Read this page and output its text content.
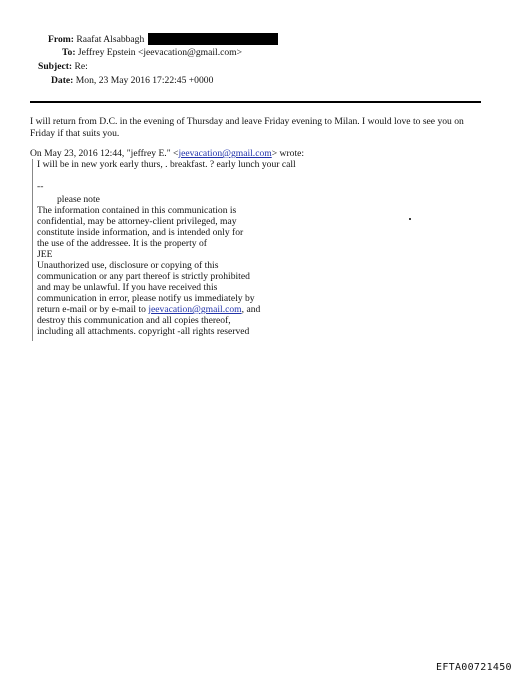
From: Raafat Alsabbagh
To: Jeffrey Epstein <jeevacation@gmail.com>
Subject: Re:
Date: Mon, 23 May 2016 17:22:45 +0000
I will return from D.C. in the evening of Thursday and leave Friday evening to Milan. I would love to see you on
Friday if that suits you.
On May 23, 2016 12:44, "jeffrey E." <jeevacation@gmail.com> wrote:
I will be in new york early thurs, . breakfast. ? early lunch your call
--
please note
The information contained in this communication is
confidential, may be attorney-client privileged, may
constitute inside information, and is intended only for
the use of the addressee. It is the property of
JEE
Unauthorized use, disclosure or copying of this
communication or any part thereof is strictly prohibited
and may be unlawful. If you have received this
communication in error, please notify us immediately by
return e-mail or by e-mail to jeevacation@gmail.com, and
destroy this communication and all copies thereof,
including all attachments. copyright -all rights reserved
EFTA00721450
